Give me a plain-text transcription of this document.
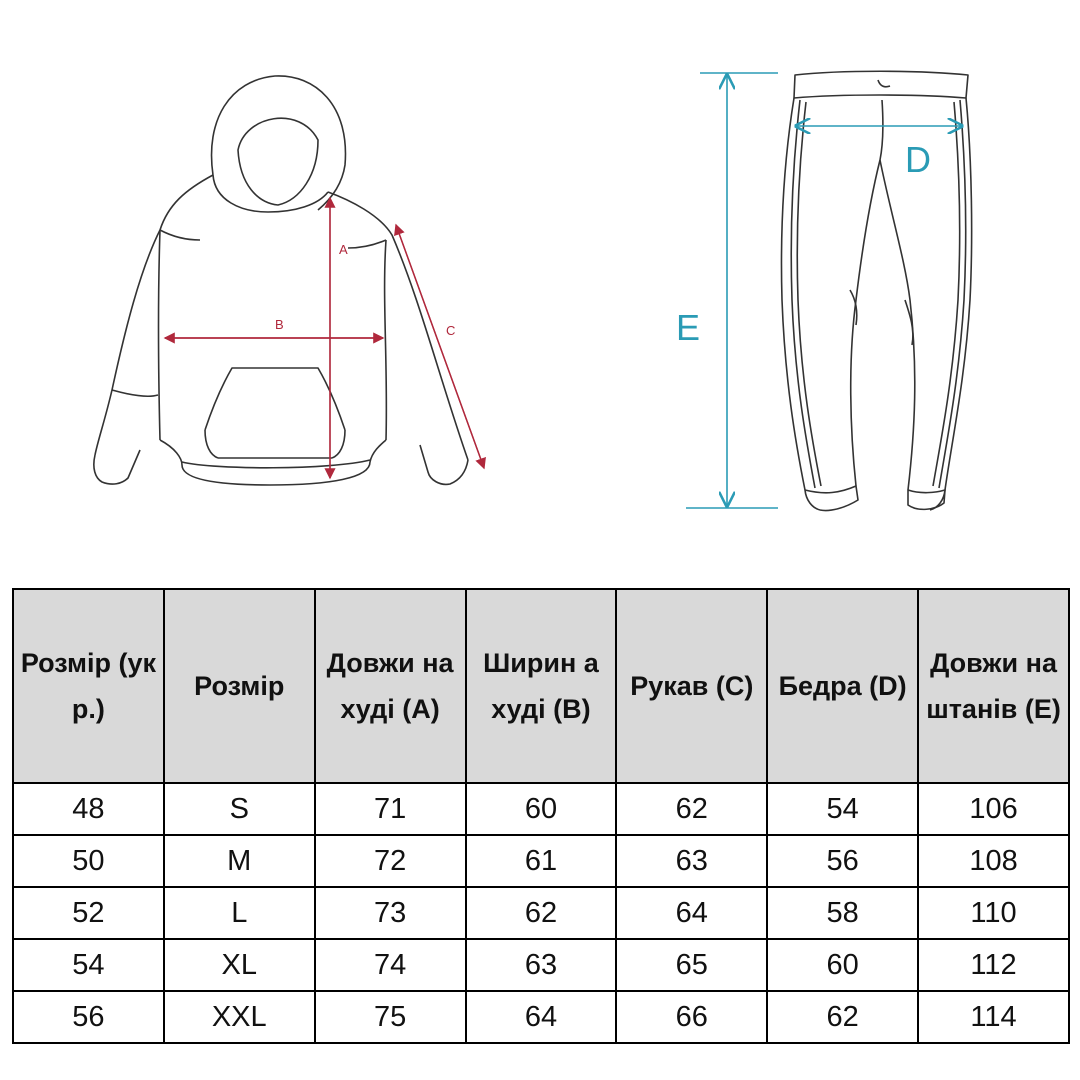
A
B	C
D
E
Розмір (укр.)	Розмір	Довжи на худі (A)	Ширин а худі (B)	Рукав (C)	Бедра (D)	Довжи на штанів (E)
48	S	71	60	62	54	106
50	M	72	61	63	56	108
52	L	73	62	64	58	110
54	XL	74	63	65	60	112
56	XXL	75	64	66	62	114
